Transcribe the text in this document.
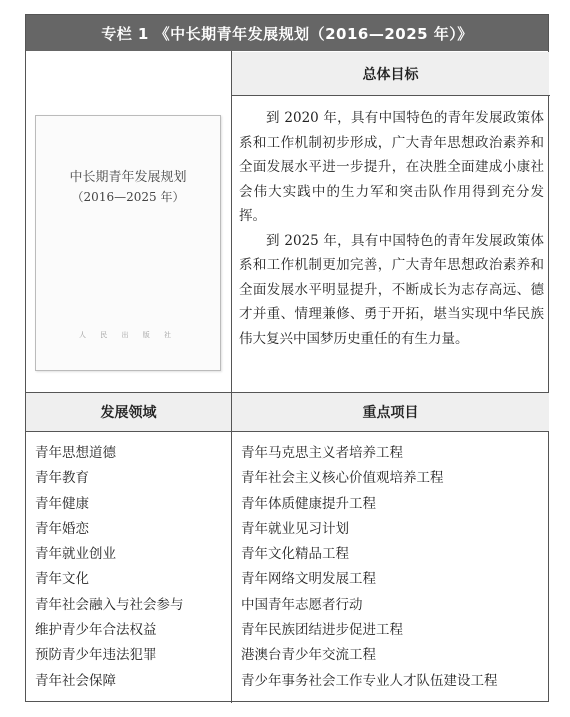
专栏 1 《中长期青年发展规划（2016—2025 年）》
总体目标
中长期青年发展规划
（2016—2025 年）
人 民 出 版 社

到 2020 年，具有中国特色的青年发展政策体系和工作机制初步形成，广大青年思想政治素养和全面发展水平进一步提升，在决胜全面建成小康社会伟大实践中的生力军和突击队作用得到充分发挥。

到 2025 年，具有中国特色的青年发展政策体系和工作机制更加完善，广大青年思想政治素养和全面发展水平明显提升，不断成长为志存高远、德才并重、情理兼修、勇于开拓，堪当实现中华民族伟大复兴中国梦历史重任的有生力量。

发展领域	重点项目
青年思想道德
青年教育
青年健康
青年婚恋
青年就业创业
青年文化
青年社会融入与社会参与
维护青少年合法权益
预防青少年违法犯罪
青年社会保障
青年马克思主义者培养工程
青年社会主义核心价值观培养工程
青年体质健康提升工程
青年就业见习计划
青年文化精品工程
青年网络文明发展工程
中国青年志愿者行动
青年民族团结进步促进工程
港澳台青少年交流工程
青少年事务社会工作专业人才队伍建设工程
